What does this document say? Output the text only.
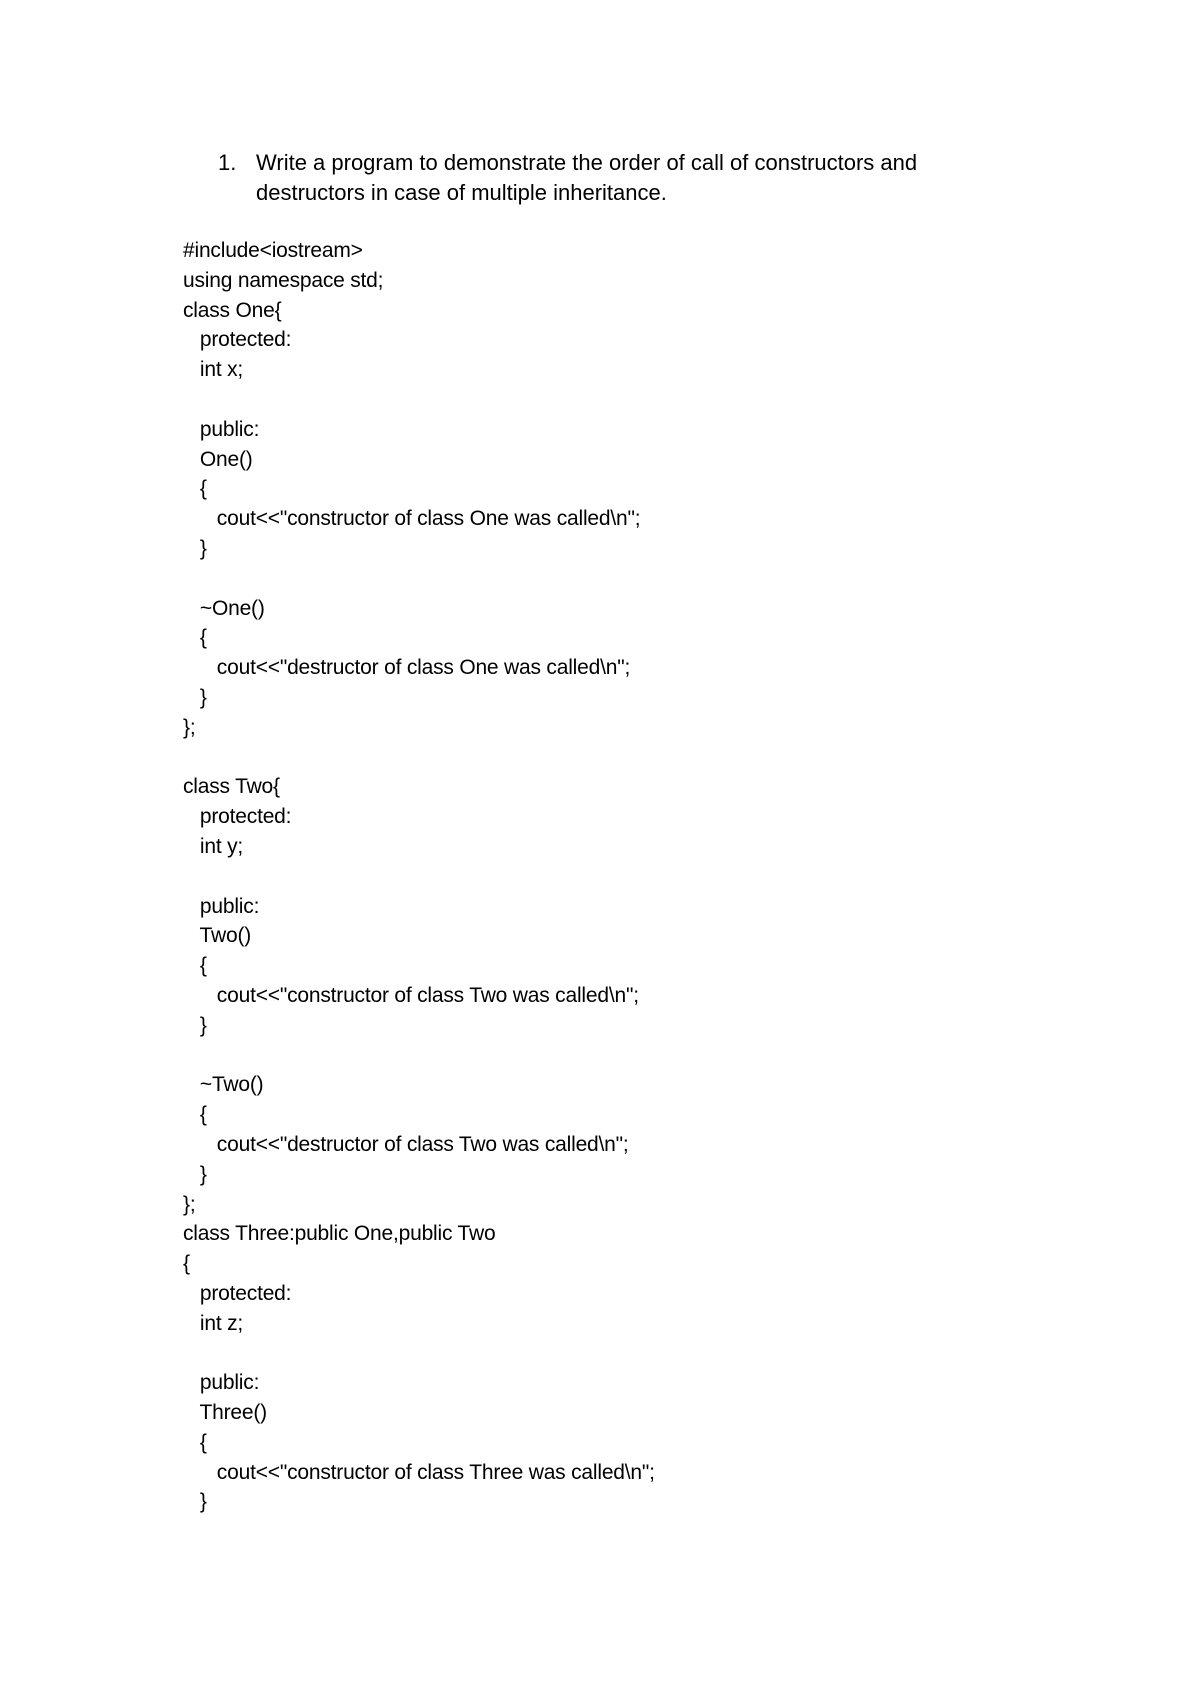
1. Write a program to demonstrate the order of call of constructors and destructors in case of multiple inheritance.
#include<iostream>
using namespace std;
class One{
protected:
int x;
public:
One()
{
cout<<"constructor of class One was called\n";
}
~One()
{
cout<<"destructor of class One was called\n";
}
};
class Two{
protected:
int y;
public:
Two()
{
cout<<"constructor of class Two was called\n";
}
~Two()
{
cout<<"destructor of class Two was called\n";
}
};
class Three:public One,public Two
{
protected:
int z;
public:
Three()
{
cout<<"constructor of class Three was called\n";
}
